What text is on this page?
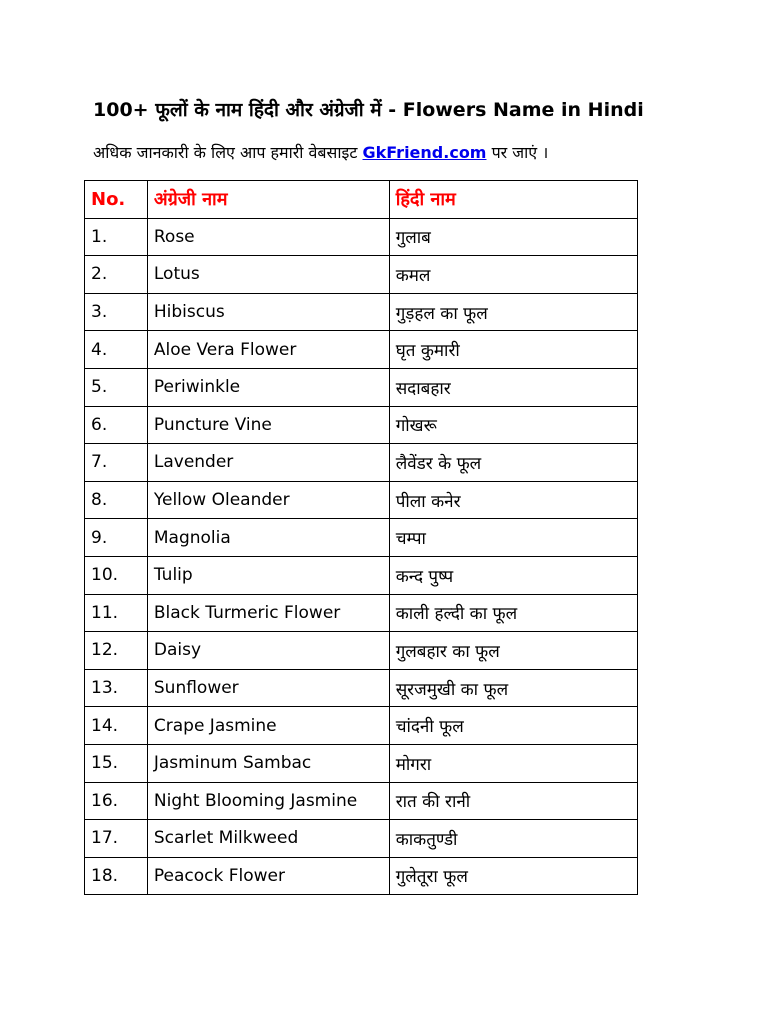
100+ फूलों के नाम हिंदी और अंग्रेजी में - Flowers Name in Hindi
अधिक जानकारी के लिए आप हमारी वेबसाइट GkFriend.com पर जाएं ।
No.	अंग्रेजी नाम	हिंदी नाम
1.	Rose	गुलाब
2.	Lotus	कमल
3.	Hibiscus	गुड़हल का फूल
4.	Aloe Vera Flower	घृत कुमारी
5.	Periwinkle	सदाबहार
6.	Puncture Vine	गोखरू
7.	Lavender	लैवेंडर के फूल
8.	Yellow Oleander	पीला कनेर
9.	Magnolia	चम्पा
10.	Tulip	कन्द पुष्प
11.	Black Turmeric Flower	काली हल्दी का फूल
12.	Daisy	गुलबहार का फूल
13.	Sunflower	सूरजमुखी का फूल
14.	Crape Jasmine	चांदनी फूल
15.	Jasminum Sambac	मोगरा
16.	Night Blooming Jasmine	रात की रानी
17.	Scarlet Milkweed	काकतुण्डी
18.	Peacock Flower	गुलेतूरा फूल
